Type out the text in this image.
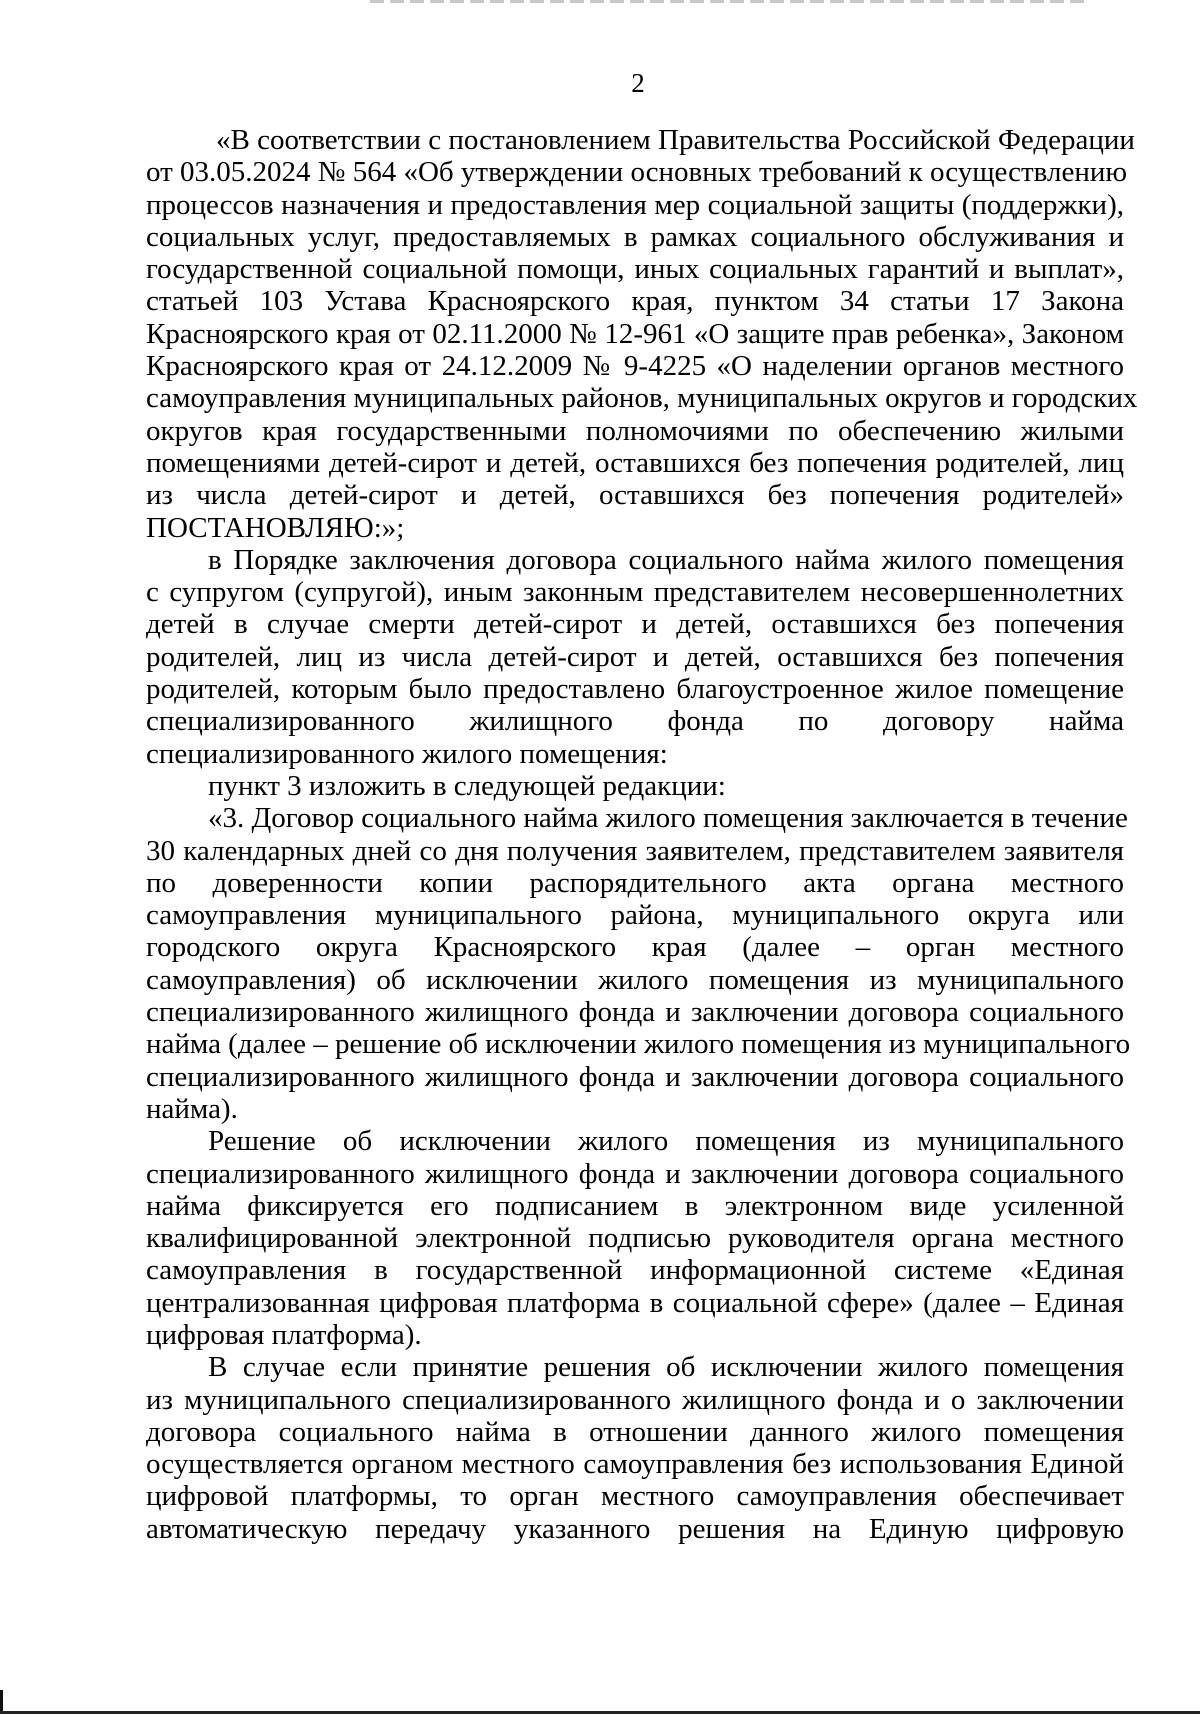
2
«В соответствии с постановлением Правительства Российской Федерации
от 03.05.2024 № 564 «Об утверждении основных требований к осуществлению
процессов назначения и предоставления мер социальной защиты (поддержки),
социальных услуг, предоставляемых в рамках социального обслуживания и
государственной социальной помощи, иных социальных гарантий и выплат»,
статьей 103 Устава Красноярского края, пунктом 34 статьи 17 Закона
Красноярского края от 02.11.2000 № 12-961 «О защите прав ребенка», Законом
Красноярского края от 24.12.2009 № 9-4225 «О наделении органов местного
самоуправления муниципальных районов, муниципальных округов и городских
округов края государственными полномочиями по обеспечению жилыми
помещениями детей-сирот и детей, оставшихся без попечения родителей, лиц
из числа детей-сирот и детей, оставшихся без попечения родителей»
ПОСТАНОВЛЯЮ:»;
в Порядке заключения договора социального найма жилого помещения
с супругом (супругой), иным законным представителем несовершеннолетних
детей в случае смерти детей-сирот и детей, оставшихся без попечения
родителей, лиц из числа детей-сирот и детей, оставшихся без попечения
родителей, которым было предоставлено благоустроенное жилое помещение
специализированного жилищного фонда по договору найма
специализированного жилого помещения:
пункт 3 изложить в следующей редакции:
«3. Договор социального найма жилого помещения заключается в течение
30 календарных дней со дня получения заявителем, представителем заявителя
по доверенности копии распорядительного акта органа местного
самоуправления муниципального района, муниципального округа или
городского округа Красноярского края (далее – орган местного
самоуправления) об исключении жилого помещения из муниципального
специализированного жилищного фонда и заключении договора социального
найма (далее – решение об исключении жилого помещения из муниципального
специализированного жилищного фонда и заключении договора социального
найма).
Решение об исключении жилого помещения из муниципального
специализированного жилищного фонда и заключении договора социального
найма фиксируется его подписанием в электронном виде усиленной
квалифицированной электронной подписью руководителя органа местного
самоуправления в государственной информационной системе «Единая
централизованная цифровая платформа в социальной сфере» (далее – Единая
цифровая платформа).
В случае если принятие решения об исключении жилого помещения
из муниципального специализированного жилищного фонда и о заключении
договора социального найма в отношении данного жилого помещения
осуществляется органом местного самоуправления без использования Единой
цифровой платформы, то орган местного самоуправления обеспечивает
автоматическую передачу указанного решения на Единую цифровую
